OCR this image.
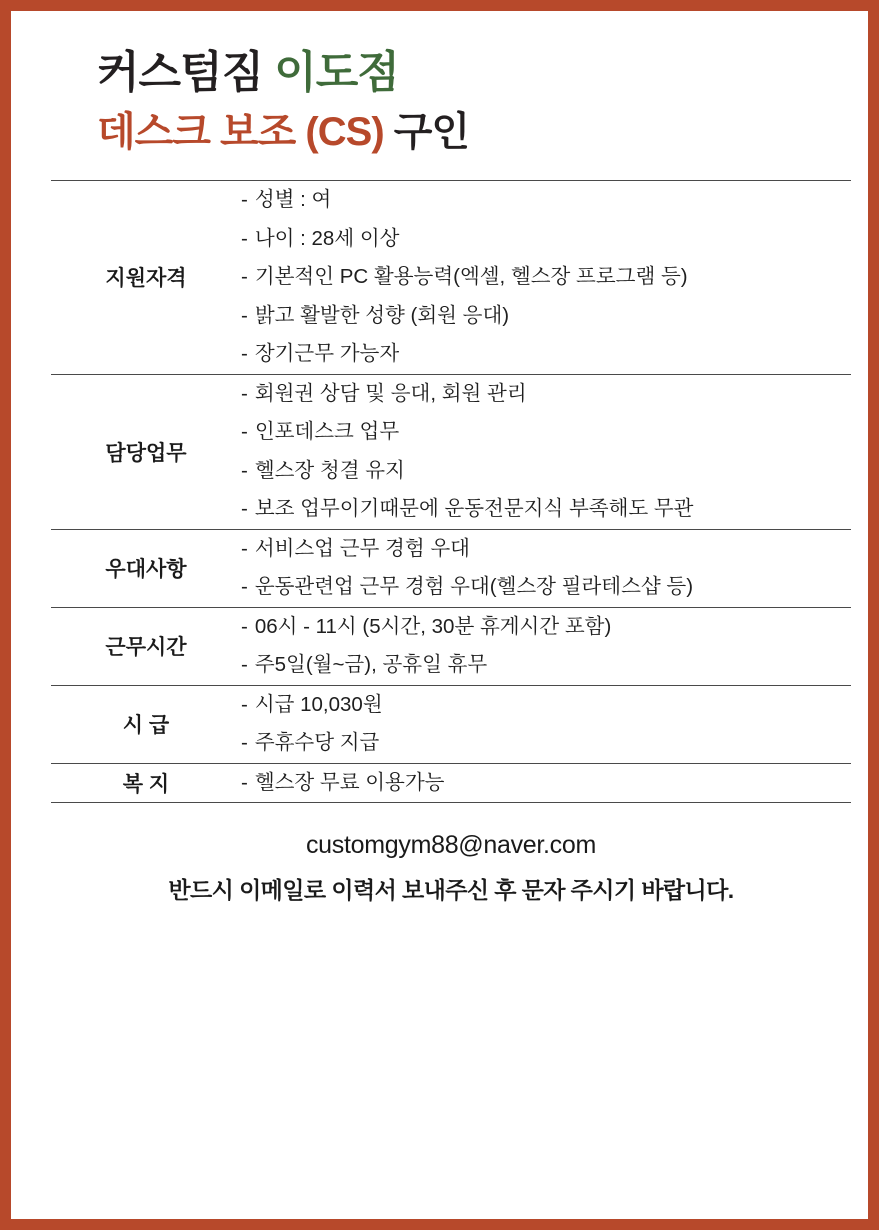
커스텀짐 이도점
데스크 보조 (CS) 구인
지원자격	
- 성별 : 여
- 나이 : 28세 이상
- 기본적인 PC 활용능력(엑셀, 헬스장 프로그램 등)
- 밝고 활발한 성향 (회원 응대)
- 장기근무 가능자

담당업무	
- 회원권 상담 및 응대, 회원 관리
- 인포데스크 업무
- 헬스장 청결 유지
- 보조 업무이기때문에 운동전문지식 부족해도 무관

우대사항	
- 서비스업 근무 경험 우대
- 운동관련업 근무 경험 우대(헬스장 필라테스샵 등)

근무시간	
- 06시 - 11시 (5시간, 30분 휴게시간 포함)
- 주5일(월~금), 공휴일 휴무

시 급	
- 시급 10,030원
- 주휴수당 지급

복 지	- 헬스장 무료 이용가능
customgym88@naver.com
반드시 이메일로 이력서 보내주신 후 문자 주시기 바랍니다.
